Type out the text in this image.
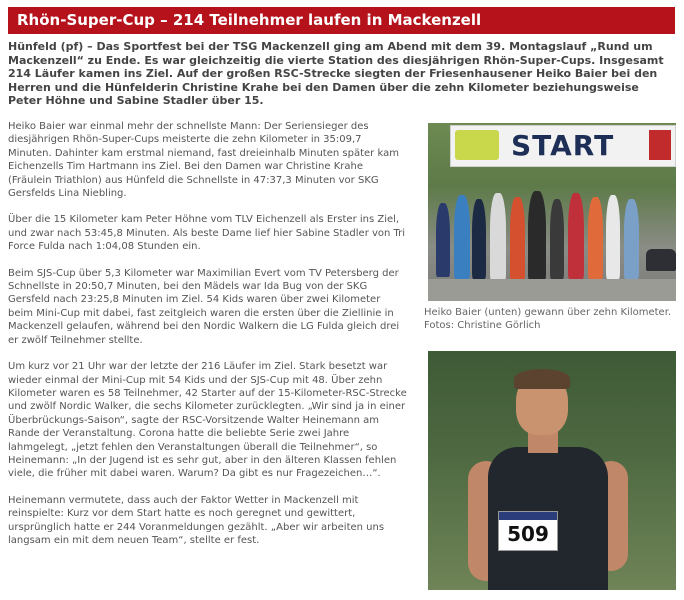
Rhön-Super-Cup – 214 Teilnehmer laufen in Mackenzell

Hünfeld (pf) – Das Sportfest bei der TSG Mackenzell ging am Abend mit dem 39. Montagslauf „Rund um Mackenzell“ zu Ende. Es war gleichzeitig die vierte Station des diesjährigen Rhön-Super-Cups. Insgesamt 214 Läufer kamen ins Ziel. Auf der großen RSC-Strecke siegten der Friesenhausener Heiko Baier bei den Herren und die Hünfelderin Christine Krahe bei den Damen über die zehn Kilometer beziehungsweise Peter Höhne und Sabine Stadler über 15.

Heiko Baier war einmal mehr der schnellste Mann: Der Seriensieger des diesjährigen Rhön-Super-Cups meisterte die zehn Kilometer in 35:09,7 Minuten. Dahinter kam erstmal niemand, fast dreieinhalb Minuten später kam Eichenzells Tim Hartmann ins Ziel. Bei den Damen war Christine Krahe (Fräulein Triathlon) aus Hünfeld die Schnellste in 47:37,3 Minuten vor SKG Gersfelds Lina Niebling.

Über die 15 Kilometer kam Peter Höhne vom TLV Eichenzell als Erster ins Ziel, und zwar nach 53:45,8 Minuten. Als beste Dame lief hier Sabine Stadler von Tri Force Fulda nach 1:04,08 Stunden ein.

Beim SJS-Cup über 5,3 Kilometer war Maximilian Evert vom TV Petersberg der Schnellste in 20:50,7 Minuten, bei den Mädels war Ida Bug von der SKG Gersfeld nach 23:25,8 Minuten im Ziel. 54 Kids waren über zwei Kilometer beim Mini-Cup mit dabei, fast zeitgleich waren die ersten über die Ziellinie in Mackenzell gelaufen, während bei den Nordic Walkern die LG Fulda gleich drei er zwölf Teilnehmer stellte.

Um kurz vor 21 Uhr war der letzte der 216 Läufer im Ziel. Stark besetzt war wieder einmal der Mini-Cup mit 54 Kids und der SJS-Cup mit 48. Über zehn Kilometer waren es 58 Teilnehmer, 42 Starter auf der 15-Kilometer-RSC-Strecke und zwölf Nordic Walker, die sechs Kilometer zurücklegten. „Wir sind ja in einer Überbrückungs-Saison“, sagte der RSC-Vorsitzende Walter Heinemann am Rande der Veranstaltung. Corona hatte die beliebte Serie zwei Jahre lahmgelegt, „jetzt fehlen den Veranstaltungen überall die Teilnehmer“, so Heinemann: „In der Jugend ist es sehr gut, aber in den älteren Klassen fehlen viele, die früher mit dabei waren. Warum? Da gibt es nur Fragezeichen…“.

Heinemann vermutete, dass auch der Faktor Wetter in Mackenzell mit reinspielte: Kurz vor dem Start hatte es noch geregnet und gewittert, ursprünglich hatte er 244 Voranmeldungen gezählt. „Aber wir arbeiten uns langsam ein mit dem neuen Team“, stellte er fest.

START
Heiko Baier (unten) gewann über zehn Kilometer. Fotos: Christine Görlich
509
